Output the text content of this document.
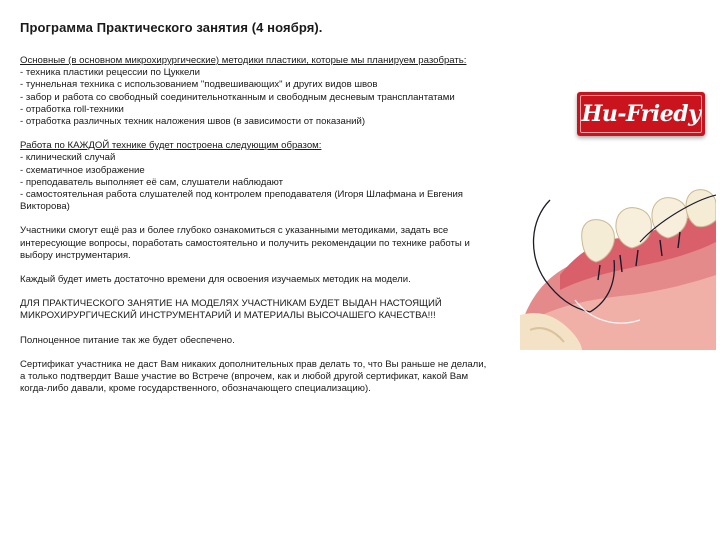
Программа Практического занятия (4 ноября).

Основные (в основном микрохирургические) методики пластики, которые мы планируем разобрать:

- техника пластики рецессии по Цуккели

- туннельная техника с использованием "подвешивающих" и других видов швов

- забор и работа со свободный соединительнотканным и свободным десневым трансплантатами

- отработка roll-техники

- отработка различных техник наложения швов (в зависимости от показаний)

Работа по КАЖДОЙ технике будет построена следующим образом:

- клинический случай

- схематичное изображение

- преподаватель выполняет её сам, слушатели наблюдают

- самостоятельная работа слушателей под контролем преподавателя (Игоря Шлафмана и Евгения Викторова)

Участники смогут ещё раз и более глубоко ознакомиться с указанными методиками, задать все интересующие вопросы, поработать самостоятельно и получить рекомендации по технике работы и выбору инструментария.

Каждый будет иметь достаточно времени для освоения изучаемых методик на модели.

ДЛЯ ПРАКТИЧЕСКОГО ЗАНЯТИЕ НА МОДЕЛЯХ УЧАСТНИКАМ БУДЕТ ВЫДАН НАСТОЯЩИЙ МИКРОХИРУРГИЧЕСКИЙ ИНСТРУМЕНТАРИЙ И МАТЕРИАЛЫ ВЫСОЧАШЕГО КАЧЕСТВА!!!

Полноценное питание так же будет обеспечено.

Сертификат участника не даст Вам никаких дополнительных прав делать то, что Вы раньше не делали, а только подтвердит Ваше участие во Встрече (впрочем, как и любой другой сертификат, какой Вам когда-либо давали, кроме государственного, обозначающего специализацию).

Hu-Friedy
